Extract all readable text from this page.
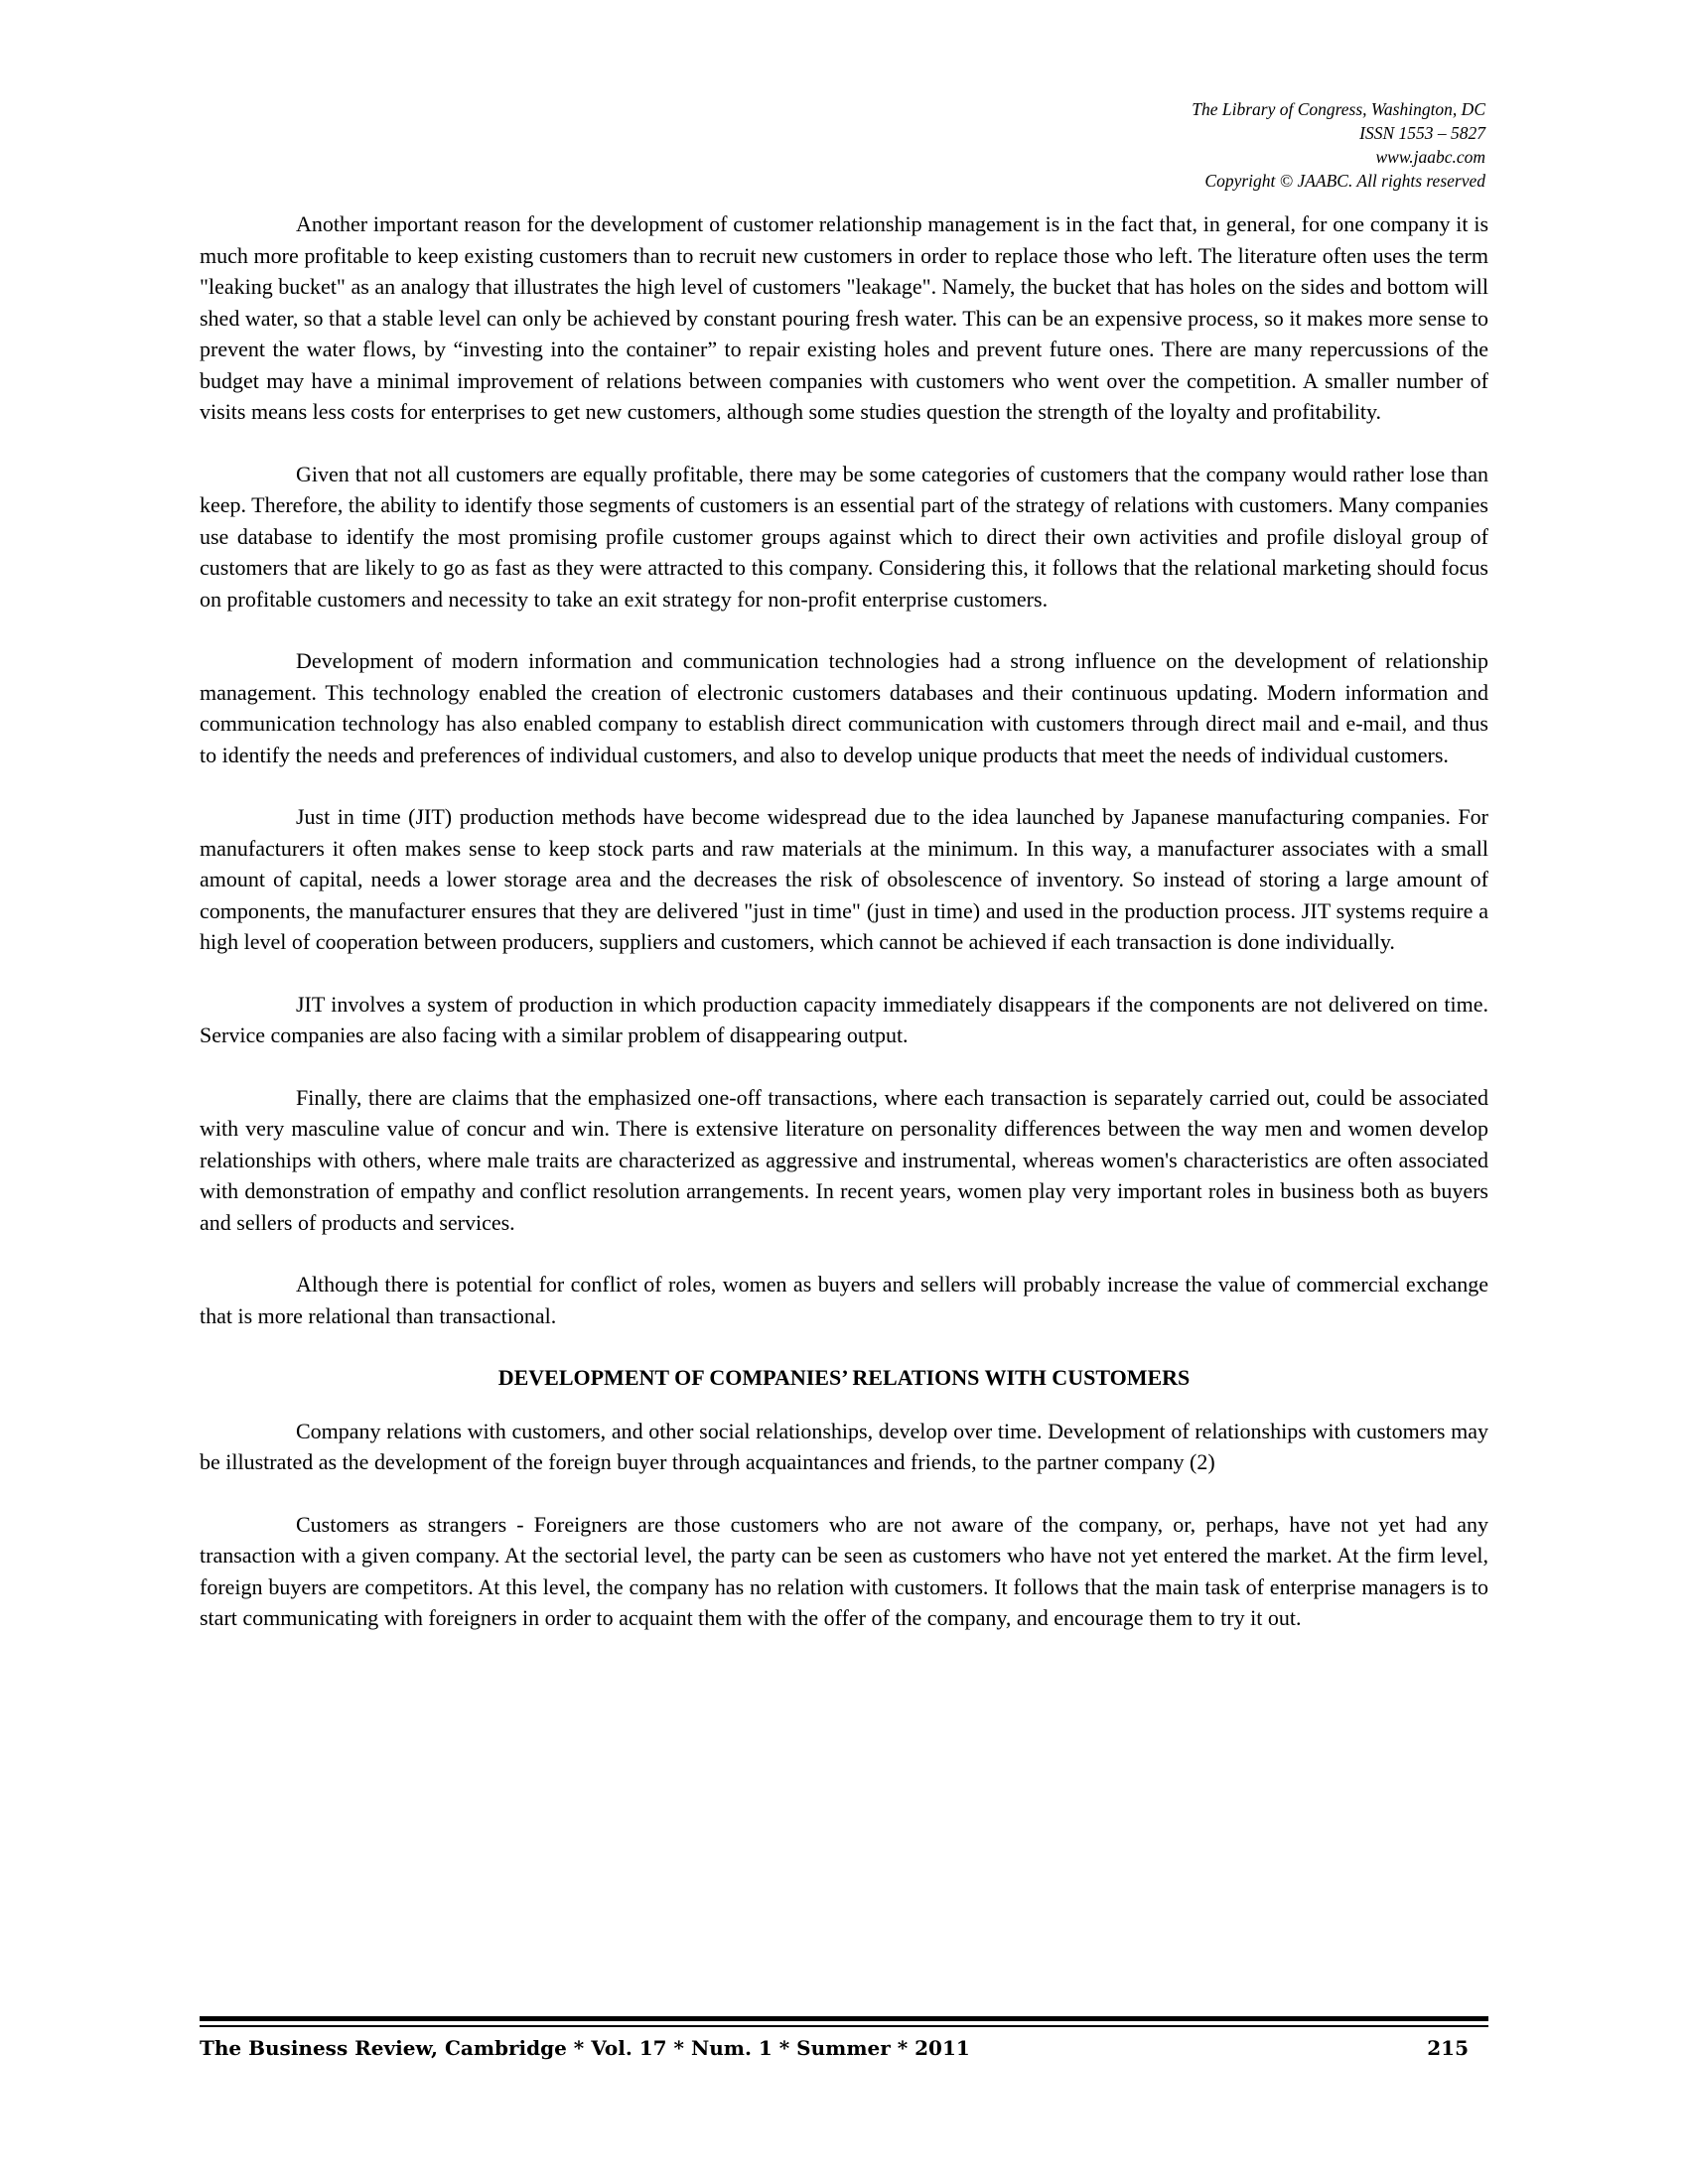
The Library of Congress, Washington, DC
ISSN 1553 – 5827
www.jaabc.com
Copyright © JAABC. All rights reserved

Another important reason for the development of customer relationship management is in the fact that, in general, for one company it is much more profitable to keep existing customers than to recruit new customers in order to replace those who left. The literature often uses the term "leaking bucket" as an analogy that illustrates the high level of customers "leakage". Namely, the bucket that has holes on the sides and bottom will shed water, so that a stable level can only be achieved by constant pouring fresh water. This can be an expensive process, so it makes more sense to prevent the water flows, by “investing into the container” to repair existing holes and prevent future ones. There are many repercussions of the budget may have a minimal improvement of relations between companies with customers who went over the competition. A smaller number of visits means less costs for enterprises to get new customers, although some studies question the strength of the loyalty and profitability.

Given that not all customers are equally profitable, there may be some categories of customers that the company would rather lose than keep. Therefore, the ability to identify those segments of customers is an essential part of the strategy of relations with customers. Many companies use database to identify the most promising profile customer groups against which to direct their own activities and profile disloyal group of customers that are likely to go as fast as they were attracted to this company. Considering this, it follows that the relational marketing should focus on profitable customers and necessity to take an exit strategy for non-profit enterprise customers.

Development of modern information and communication technologies had a strong influence on the development of relationship management. This technology enabled the creation of electronic customers databases and their continuous updating. Modern information and communication technology has also enabled company to establish direct communication with customers through direct mail and e-mail, and thus to identify the needs and preferences of individual customers, and also to develop unique products that meet the needs of individual customers.

Just in time (JIT) production methods have become widespread due to the idea launched by Japanese manufacturing companies. For manufacturers it often makes sense to keep stock parts and raw materials at the minimum. In this way, a manufacturer associates with a small amount of capital, needs a lower storage area and the decreases the risk of obsolescence of inventory. So instead of storing a large amount of components, the manufacturer ensures that they are delivered "just in time" (just in time) and used in the production process. JIT systems require a high level of cooperation between producers, suppliers and customers, which cannot be achieved if each transaction is done individually.

JIT involves a system of production in which production capacity immediately disappears if the components are not delivered on time. Service companies are also facing with a similar problem of disappearing output.

Finally, there are claims that the emphasized one-off transactions, where each transaction is separately carried out, could be associated with very masculine value of concur and win. There is extensive literature on personality differences between the way men and women develop relationships with others, where male traits are characterized as aggressive and instrumental, whereas women's characteristics are often associated with demonstration of empathy and conflict resolution arrangements. In recent years, women play very important roles in business both as buyers and sellers of products and services.

Although there is potential for conflict of roles, women as buyers and sellers will probably increase the value of commercial exchange that is more relational than transactional.

DEVELOPMENT OF COMPANIES’ RELATIONS WITH CUSTOMERS

Company relations with customers, and other social relationships, develop over time. Development of relationships with customers may be illustrated as the development of the foreign buyer through acquaintances and friends, to the partner company (2)

Customers as strangers - Foreigners are those customers who are not aware of the company, or, perhaps, have not yet had any transaction with a given company. At the sectorial level, the party can be seen as customers who have not yet entered the market. At the firm level, foreign buyers are competitors. At this level, the company has no relation with customers. It follows that the main task of enterprise managers is to start communicating with foreigners in order to acquaint them with the offer of the company, and encourage them to try it out.

The Business Review, Cambridge * Vol. 17 * Num. 1 * Summer * 2011	215
